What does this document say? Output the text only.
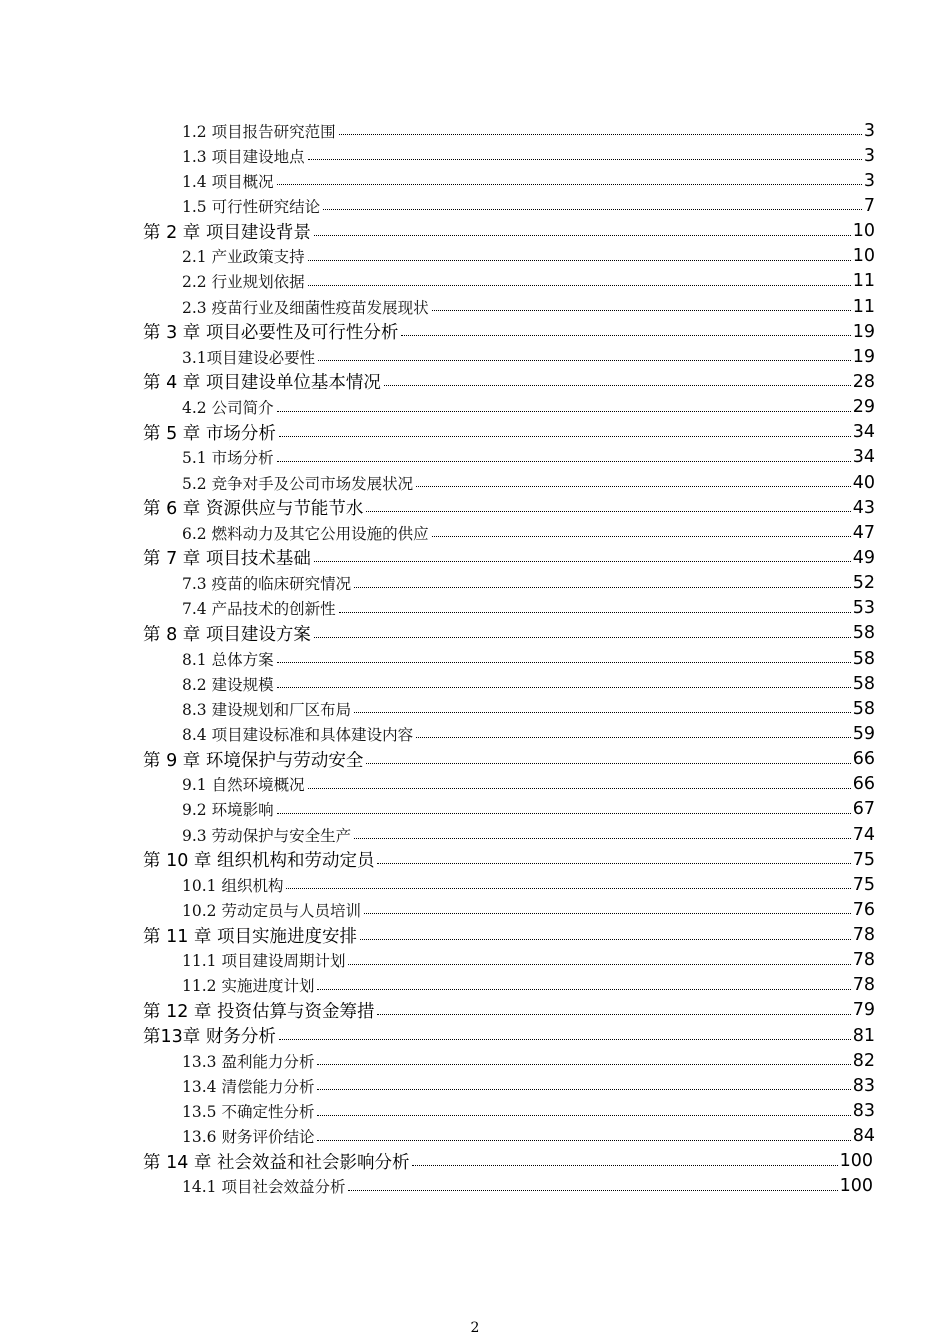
1.2 项目报告研究范围	3
1.3 项目建设地点	3
1.4 项目概况	3
1.5 可行性研究结论	7
第 2 章 项目建设背景	10
2.1 产业政策支持	10
2.2 行业规划依据	11
2.3 疫苗行业及细菌性疫苗发展现状	11
第 3 章 项目必要性及可行性分析	19
3.1项目建设必要性	19
第 4 章 项目建设单位基本情况	28
4.2 公司简介	29
第 5 章 市场分析	34
5.1 市场分析	34
5.2 竞争对手及公司市场发展状况	40
第 6 章 资源供应与节能节水	43
6.2 燃料动力及其它公用设施的供应	47
第 7 章 项目技术基础	49
7.3 疫苗的临床研究情况	52
7.4 产品技术的创新性	53
第 8 章 项目建设方案	58
8.1 总体方案	58
8.2 建设规模	58
8.3 建设规划和厂区布局	58
8.4 项目建设标准和具体建设内容	59
第 9 章 环境保护与劳动安全	66
9.1 自然环境概况	66
9.2 环境影响	67
9.3 劳动保护与安全生产	74
第 10 章 组织机构和劳动定员	75
10.1 组织机构	75
10.2 劳动定员与人员培训	76
第 11 章 项目实施进度安排	78
11.1 项目建设周期计划	78
11.2 实施进度计划	78
第 12 章 投资估算与资金筹措	79
第13章 财务分析	81
13.3 盈利能力分析	82
13.4 清偿能力分析	83
13.5 不确定性分析	83
13.6 财务评价结论	84
第 14 章 社会效益和社会影响分析	100
14.1 项目社会效益分析	100
2
